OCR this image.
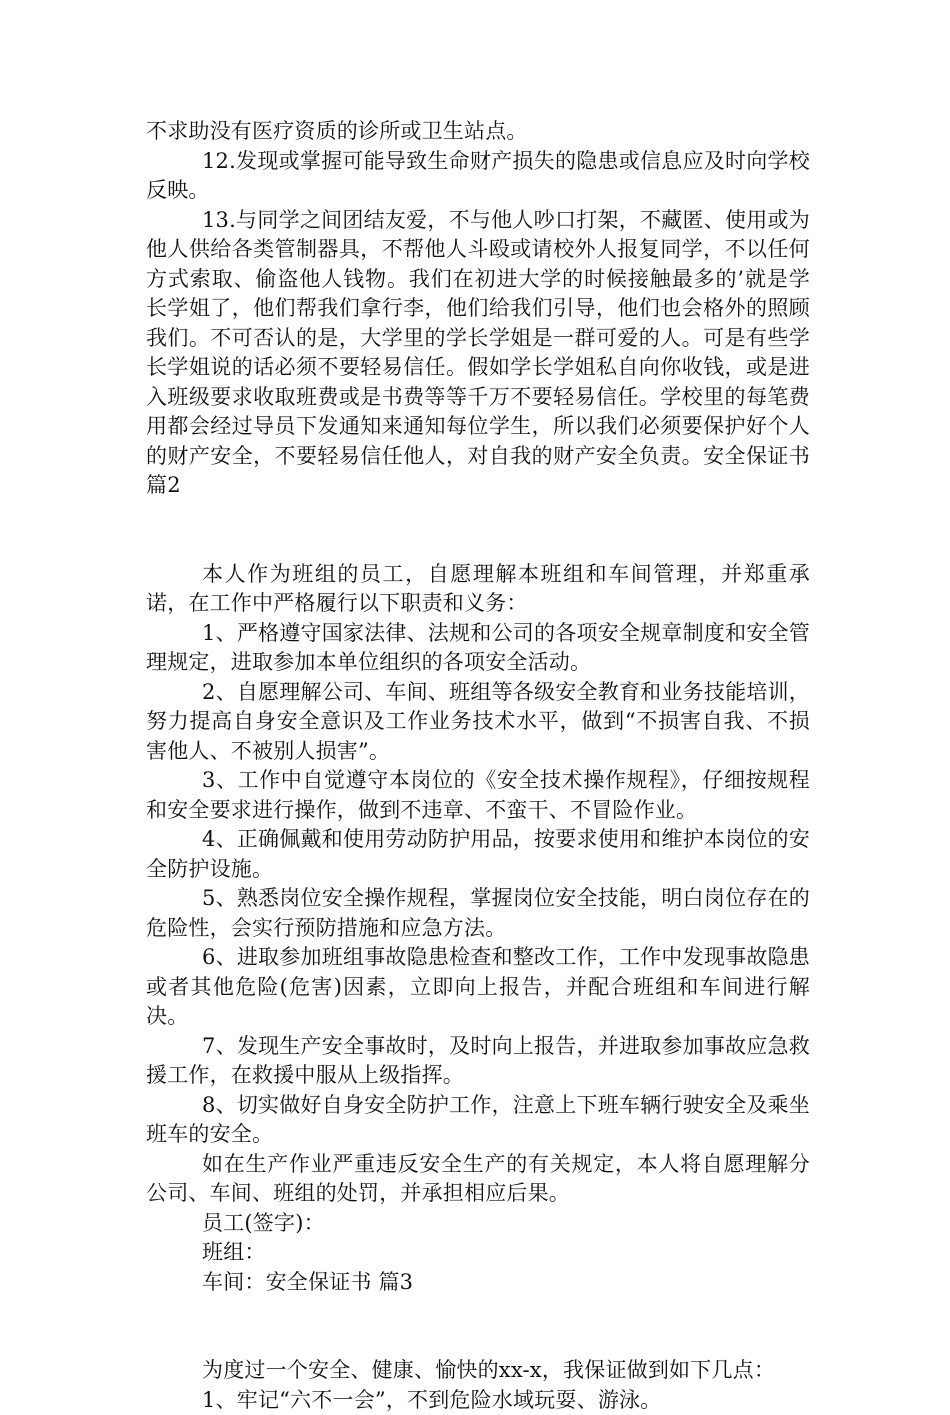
不求助没有医疗资质的诊所或卫生站点。

12.发现或掌握可能导致生命财产损失的隐患或信息应及时向学校反映。

13.与同学之间团结友爱，不与他人吵口打架，不藏匿、使用或为他人供给各类管制器具，不帮他人斗殴或请校外人报复同学，不以任何方式索取、偷盗他人钱物。我们在初进大学的时候接触最多的’就是学长学姐了，他们帮我们拿行李，他们给我们引导，他们也会格外的照顾我们。不可否认的是，大学里的学长学姐是一群可爱的人。可是有些学长学姐说的话必须不要轻易信任。假如学长学姐私自向你收钱，或是进入班级要求收取班费或是书费等等千万不要轻易信任。学校里的每笔费用都会经过导员下发通知来通知每位学生，所以我们必须要保护好个人的财产安全，不要轻易信任他人，对自我的财产安全负责。安全保证书 篇2

本人作为班组的员工，自愿理解本班组和车间管理，并郑重承诺，在工作中严格履行以下职责和义务：

1、严格遵守国家法律、法规和公司的各项安全规章制度和安全管理规定，进取参加本单位组织的各项安全活动。

2、自愿理解公司、车间、班组等各级安全教育和业务技能培训，努力提高自身安全意识及工作业务技术水平，做到“不损害自我、不损害他人、不被别人损害”。

3、工作中自觉遵守本岗位的《安全技术操作规程》，仔细按规程和安全要求进行操作，做到不违章、不蛮干、不冒险作业。

4、正确佩戴和使用劳动防护用品，按要求使用和维护本岗位的安全防护设施。

5、熟悉岗位安全操作规程，掌握岗位安全技能，明白岗位存在的危险性，会实行预防措施和应急方法。

6、进取参加班组事故隐患检查和整改工作，工作中发现事故隐患或者其他危险(危害)因素，立即向上报告，并配合班组和车间进行解决。

7、发现生产安全事故时，及时向上报告，并进取参加事故应急救援工作，在救援中服从上级指挥。

8、切实做好自身安全防护工作，注意上下班车辆行驶安全及乘坐班车的安全。

如在生产作业严重违反安全生产的有关规定，本人将自愿理解分公司、车间、班组的处罚，并承担相应后果。

员工(签字)：

班组：

车间：安全保证书 篇3

为度过一个安全、健康、愉快的xx-x，我保证做到如下几点：

1、牢记“六不一会”，不到危险水域玩耍、游泳。
